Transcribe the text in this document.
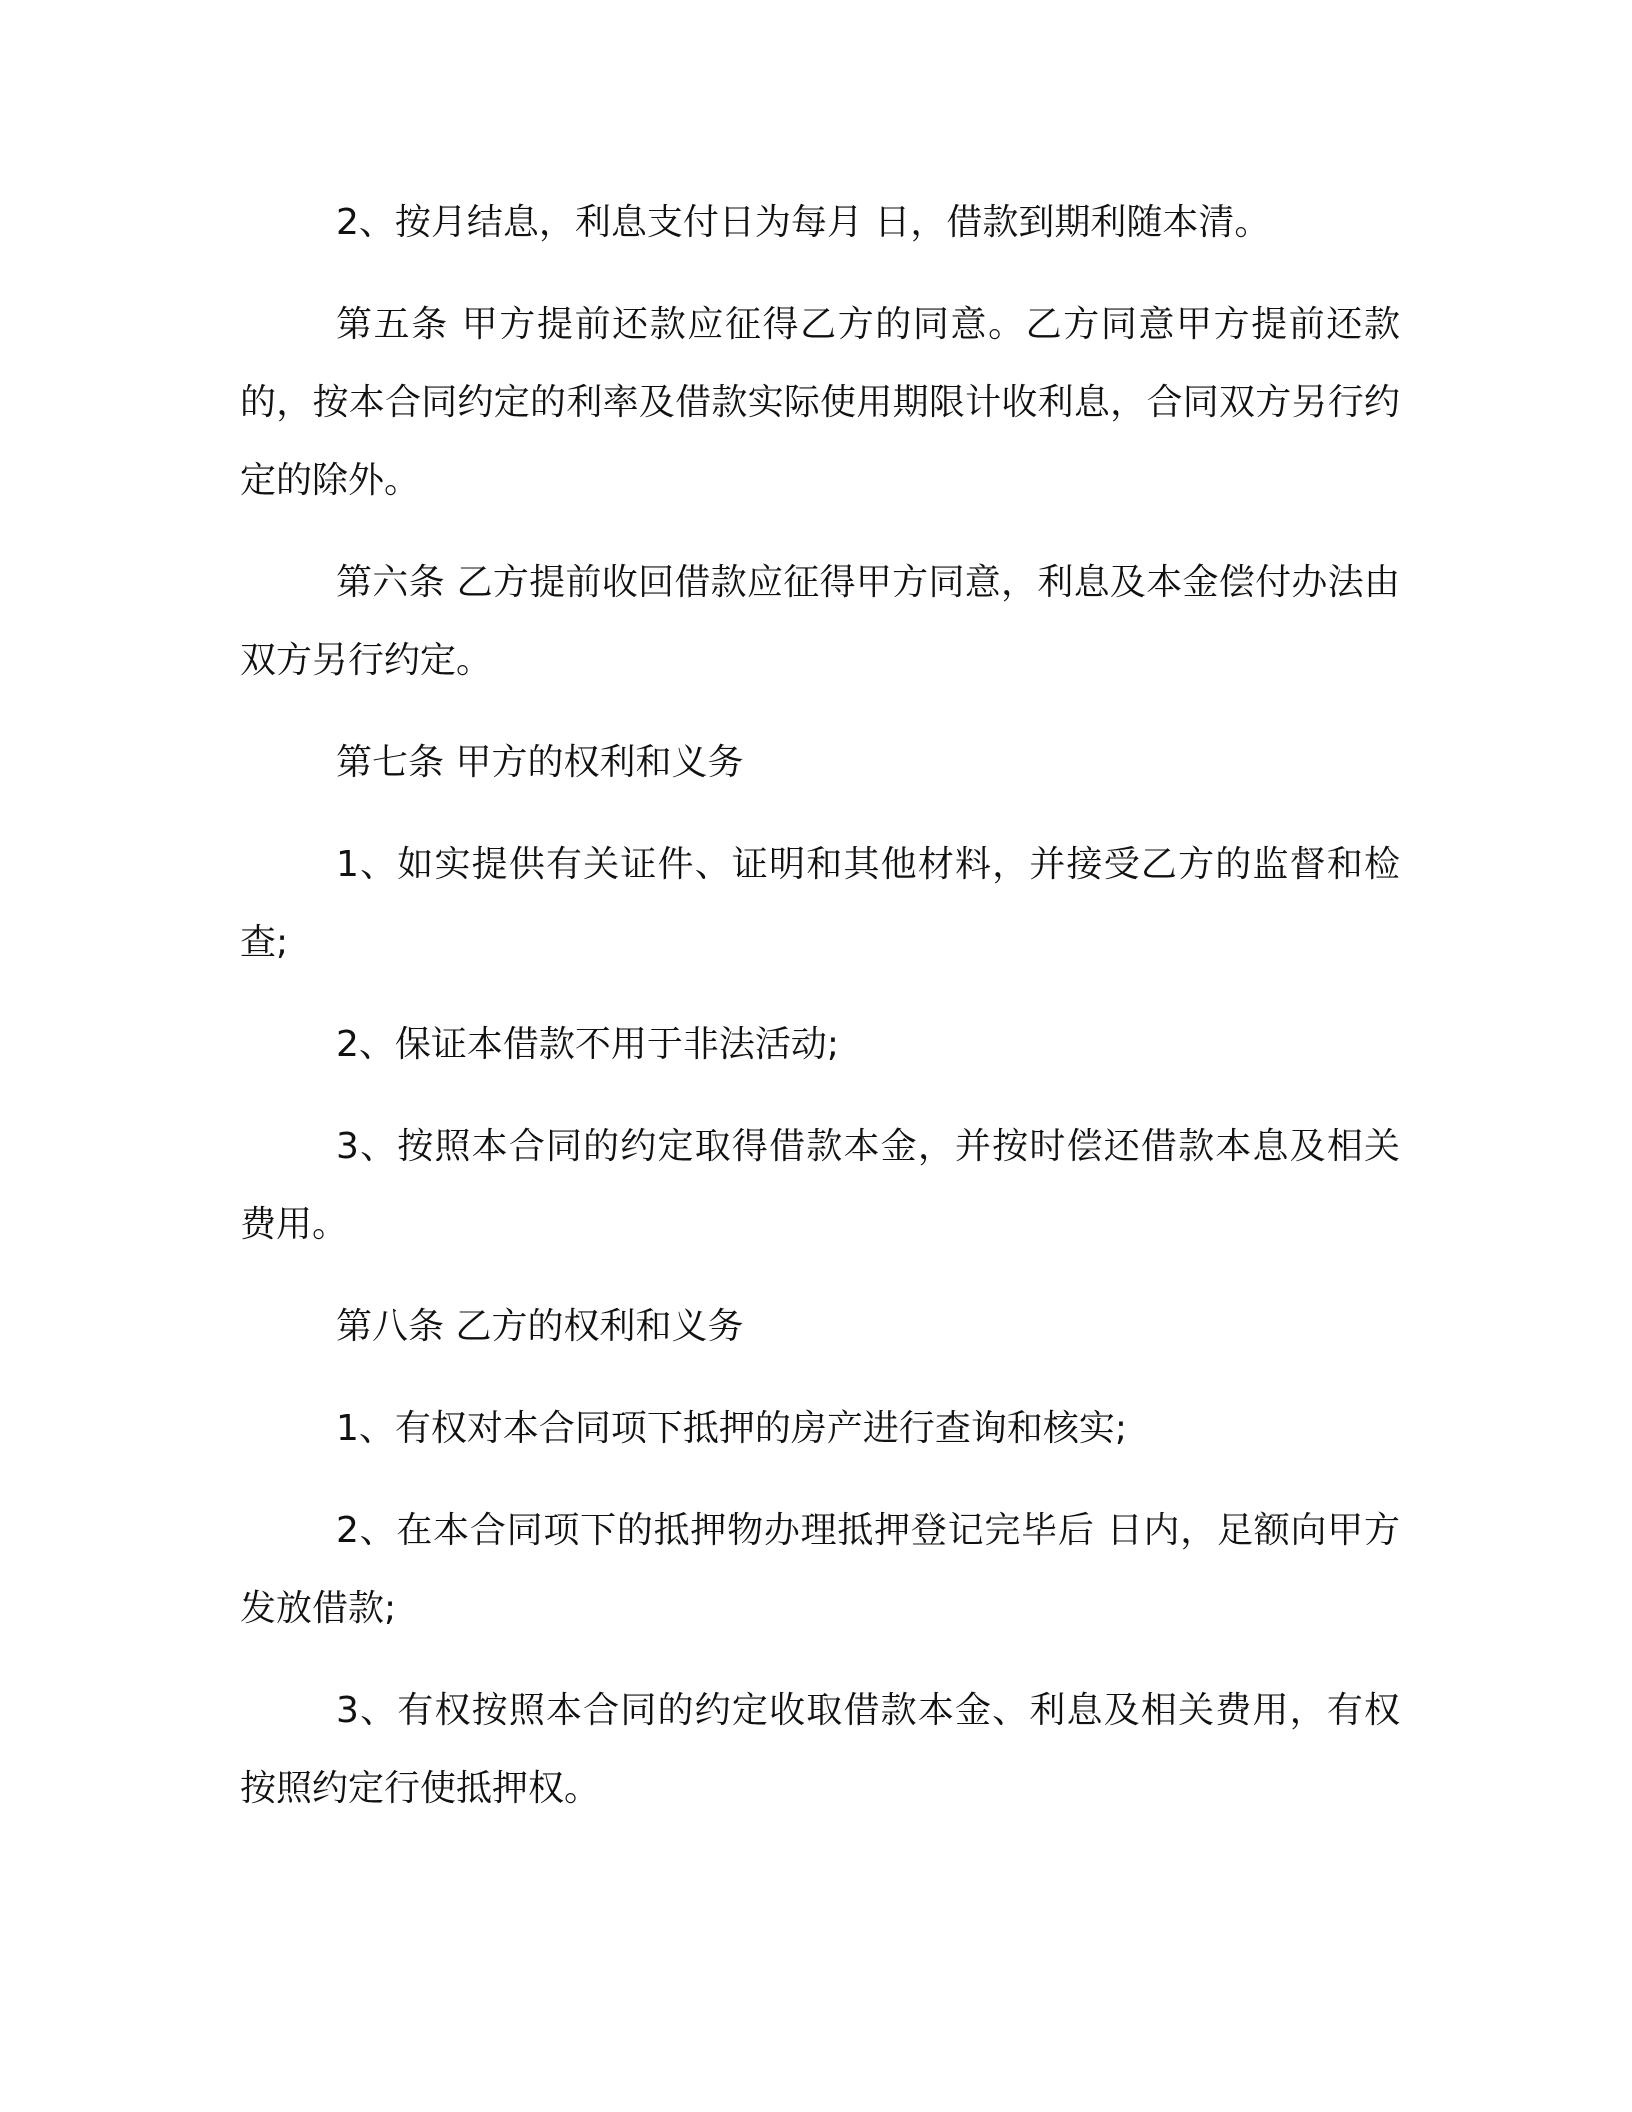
2、按月结息，利息支付日为每月 日，借款到期利随本清。

第五条 甲方提前还款应征得乙方的同意。乙方同意甲方提前还款的，按本合同约定的利率及借款实际使用期限计收利息，合同双方另行约定的除外。

第六条 乙方提前收回借款应征得甲方同意，利息及本金偿付办法由双方另行约定。

第七条 甲方的权利和义务

1、如实提供有关证件、证明和其他材料，并接受乙方的监督和检查;

2、保证本借款不用于非法活动;

3、按照本合同的约定取得借款本金，并按时偿还借款本息及相关费用。

第八条 乙方的权利和义务

1、有权对本合同项下抵押的房产进行查询和核实;

2、在本合同项下的抵押物办理抵押登记完毕后 日内，足额向甲方发放借款;

3、有权按照本合同的约定收取借款本金、利息及相关费用，有权按照约定行使抵押权。
